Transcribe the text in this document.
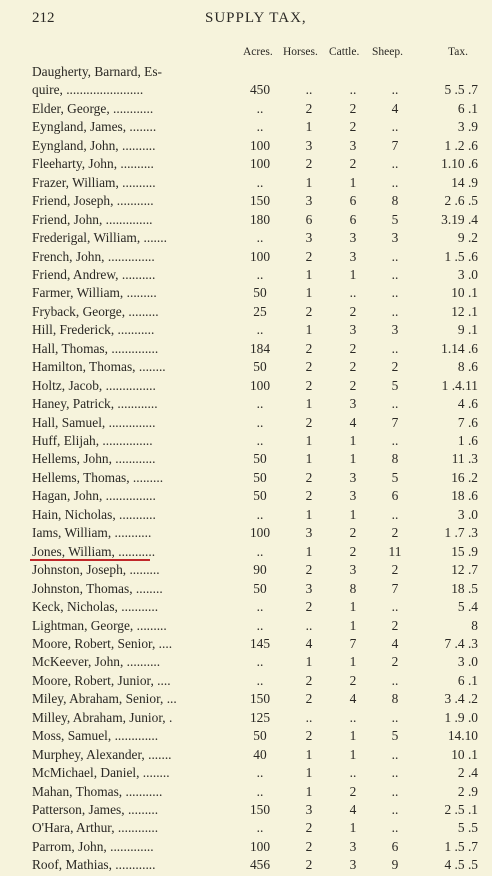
212	SUPPLY TAX,
Acres. Horses. Cattle. Sheep.	Tax.
Daugherty, Barnard, Es-
quire, .......................	450	..	..	..	5 .5 .7
Elder, George, ............	..	2	2	4	6 .1
Eyngland, James, ........	..	1	2	..	3 .9
Eyngland, John, ..........	100	3	3	7	1 .2 .6
Fleeharty, John, ..........	100	2	2	..	1.10 .6
Frazer, William, ..........	..	1	1	..	14 .9
Friend, Joseph, ...........	150	3	6	8	2 .6 .5
Friend, John, ..............	180	6	6	5	3.19 .4
Frederigal, William, .......	..	3	3	3	9 .2
French, John, ..............	100	2	3	..	1 .5 .6
Friend, Andrew, ..........	..	1	1	..	3 .0
Farmer, William, .........	50	1	..	..	10 .1
Fryback, George, .........	25	2	2	..	12 .1
Hill, Frederick, ...........	..	1	3	3	9 .1
Hall, Thomas, ..............	184	2	2	..	1.14 .6
Hamilton, Thomas, ........	50	2	2	2	8 .6
Holtz, Jacob, ...............	100	2	2	5	1 .4.11
Haney, Patrick, ............	..	1	3	..	4 .6
Hall, Samuel, ..............	..	2	4	7	7 .6
Huff, Elijah, ...............	..	1	1	..	1 .6
Hellems, John, ............	50	1	1	8	11 .3
Hellems, Thomas, .........	50	2	3	5	16 .2
Hagan, John, ...............	50	2	3	6	18 .6
Hain, Nicholas, ...........	..	1	1	..	3 .0
Iams, William, ...........	100	3	2	2	1 .7 .3
Jones, William, ...........	..	1	2	11	15 .9
Johnston, Joseph, .........	90	2	3	2	12 .7
Johnston, Thomas, ........	50	3	8	7	18 .5
Keck, Nicholas, ...........	..	2	1	..	5 .4
Lightman, George, .........	..	..	1	2	8
Moore, Robert, Senior, ....	145	4	7	4	7 .4 .3
McKeever, John, ..........	..	1	1	2	3 .0
Moore, Robert, Junior, ....	..	2	2	..	6 .1
Miley, Abraham, Senior, ...	150	2	4	8	3 .4 .2
Milley, Abraham, Junior, .	125	..	..	..	1 .9 .0
Moss, Samuel, .............	50	2	1	5	14.10
Murphey, Alexander, .......	40	1	1	..	10 .1
McMichael, Daniel, ........	..	1	..	..	2 .4
Mahan, Thomas, ...........	..	1	2	..	2 .9
Patterson, James, .........	150	3	4	..	2 .5 .1
O'Hara, Arthur, ............	..	2	1	..	5 .5
Parrom, John, .............	100	2	3	6	1 .5 .7
Roof, Mathias, ............	456	2	3	9	4 .5 .5
